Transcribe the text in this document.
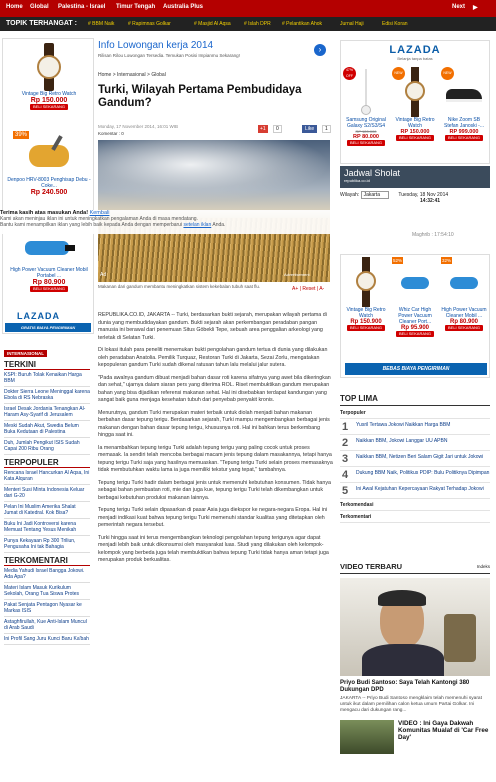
Home Global Palestina - Israel Timur Tengah Australia Plus	Next ▶
TOPIK TERHANGAT : # BBM Naik	# Rapimnas Golkar	# Masjid Al Aqsa	# Islah DPR # Pelantikan Ahok	Jurnal Haji	Edisi Koran
Vintage Big Retro Watch
Rp 150.000
BELI SEKARANG
39%
Denpoo HRV-8003 Penghisap Debu - Coke...
Rp 240.500
High Power Vacuum Cleaner Mobil Portabel ...
Rp 80.900
BELI SEKARANG
LAZADA
GRATIS BIAYA PENGIRIMAN
Info Lowongan kerja 2014
Rilisan Rilou Lowongan Tersedia. Temukan Posisi Impianmu Sekarang!
›
Home > Internasional > Global
Turki, Wilayah Pertama Pembudidaya Gandum?
Monday, 17 November 2014, 16:01 WIB
Komentar : 0
+1	0	Like	1
Ad	Advertisement
Terima kasih atas masukan Anda! Kembali
Kami akan meninjau iklan ini untuk meningkatkan pengalaman Anda di masa mendatang.
Bantu kami menampilkan iklan yang lebih baik kepada Anda dengan memperbarui setelan iklan Anda.
Makanan dari gandum membantu meningkatkan sistem kekebalan tubuh saat flu.	A+ | Reset | A-

REPUBLIKA.CO.ID, JAKARTA -- Turki, berdasarkan bukti sejarah, merupakan wilayah pertama di dunia yang membudidayakan gandum. Bukti sejarah akan perkembangan peradaban pangan manusia ini berawal dari penemuan Situs Göbekli Tepe, sebuah area penggalian arkeologi yang terletak di Selatan Turki.

Di lokasi itulah para peneliti menemukan bukti pengolahan gandum tertua di dunia yang dilakukan oleh peradaban Anatolia. Pemilik Turquaz, Restoran Turki di Jakarta, Sezai Zorlu, mengatakan kepopuleran gandum Turki sudah dikenal ratusan tahun lalu melalui jalur sutera.

"Pada awalnya gandum dibuat menjadi bahan dasar roti karena sifatnya yang awet bila dikeringkan dan sehat," ujarnya dalam siaran pers yang diterima ROL. Riset membuktikan gandum merupakan bahan yang bisa dijadikan referensi makanan sehat. Hal ini disebabkan terdapat kandungan yang sangat baik guna menjaga kesehatan tubuh dari penyebab penyakit kronis.

Menurutnya, gandum Turki merupakan materi terbaik untuk diolah menjadi bahan makanan berbahan dasar tepung terigu. Berdasarkan sejarah, Turki mampu mengembangkan berbagai jenis makanan dengan bahan dasar tepung terigu, khususnya roti. Hal ini bahkan terus berkembang hingga saat ini.

Ia menambahkan tepung terigu Turki adalah tepung terigu yang paling cocok untuk proses memasak. Ia sendiri telah mencoba berbagai macam jenis tepung dalam masakannya, tetapi hanya tepung terigu Turki saja yang hasilnya memuaskan. "Tepung terigu Turki selain proses memasaknya tidak membutuhkan waktu lama ia juga memiliki tekstur yang tepat," tambahnya.

Tepung terigu Turki hadir dalam berbagai jenis untuk memenuhi kebutuhan konsumen. Tidak hanya sebagai bahan pembuatan roti, mie dan juga kue, tepung terigu Turki telah dikembangkan untuk berbagai kebutuhan produksi makanan lainnya.

Tepung terigu Turki selain dipasarkan di pasar Asia juga diekspor ke negara-negara Eropa. Hal ini menjadi indikasi kuat bahwa tepung terigu Turki memenuhi standar kualitas yang ditetapkan oleh pemerintah negara tersebut.

Turki hingga saat ini terus mengembangkan teknologi pengolahan tepung terigunya agar dapat menjadi lebih baik untuk dikonsumsi oleh masyarakat luas. Studi yang dilakukan oleh kelompok-kelompok yang berbeda juga telah membuktikan bahwa tepung Turki tidak hanya aman tetapi juga merupakan produk berkualitas.

INTERNASIONAL
TERKINI
KSPI: Buruh Tolak Kenaikan Harga BBM
Dokter Sierra Leone Meninggal karena Ebola di RS Nebraska
Israel Desak Jordania Tenangkan Al-Haram Asy-Syarif di Jerusalem
Meski Sudah Akut, Swedia Belum Buka Kedutaan di Palestina
Duh, Jumlah Pengikut ISIS Sudah Capai 200 Ribu Orang
TERPOPULER
Rencana Israel Hancurkan Al Aqsa, Ini Kata Alquran
Menteri Susi Minta Indonesia Keluar dari G-20
Pelan Ini Muslim Amerika Shalat Jumat di Katedral. Kok Bisa?
Buku Ini Jadi Kontroversi karena Memuat Tentang Yesus Menikah
Punya Kekayaan Rp 300 Triliun, Pengusaha Ini tak Bahagia
TERKOMENTARI
Media Yahudi Israel Bangga Jokowi. Ada Apa?
Materi Islam Masuk Kurikulum Sekolah, Orang Tua Siswa Protes
Pakat Senjata Pentagon Nyasar ke Markas ISIS
Astaghfirullah, Kue Anti-Islam Muncul di Arab Saudi
Ini Profil Sang Juru Kunci Baru Ka'bah
LAZADA
Belanja tanpa batas
47% OFF
Samsung Original Galaxy S2/S3/S4
RP 120.000
RP 80.000
BELI SEKARANG
NEW
Vintage Big Retro Watch
RP 150.000
BELI SEKARANG
NEW
Nike Zoom SB Stefan Janoski -...
RP 999.000
BELI SEKARANG
Jadwal Sholat
republika.co.id
Wilayah: Jakarta	Tuesday, 18 Nov 2014
14:32:41
Maghrib : 17:54:10
Vintage Big Retro Watch
Rp 150.900
BELI SEKARANG
52%
Whiz Car High Power Vacuum Cleaner Port...
Rp 95.900
BELI SEKARANG
32%
High Power Vacuum Cleaner Mobil ...
Rp 80.900
BELI SEKARANG
BEBAS BIAYA PENGIRIMAN
TOP LIMA
Terpopuler
1 Yusril Tertawa Jokowi Naikkan Harga BBM
2 Naikkan BBM, Jokowi Langgar UU APBN
3 Naikkan BBM, Netizen Beri Salam Gigit Jari untuk Jokowi
4 Dukung BBM Naik, Politikus PDIP: Bulu Politiknya Dipimpan
5 Ini Awal Kejatuhan Kepercayaan Rakyat Terhadap Jokowi
Terkomendasi
Terkomentari
VIDEO TERBARU	Indeks
Priyo Budi Santoso: Saya Telah Kantongi 380 Dukungan DPD
JAKARTA -- Priyo Budi Santoso mengklaim telah memenuhi syarat untuk ikut dalam pemilihan calon ketua umum Partai Golkar. Ini mengacu dari dukungan rang...
VIDEO : Ini Gaya Dakwah Komunitas Mualaf di 'Car Free Day'
